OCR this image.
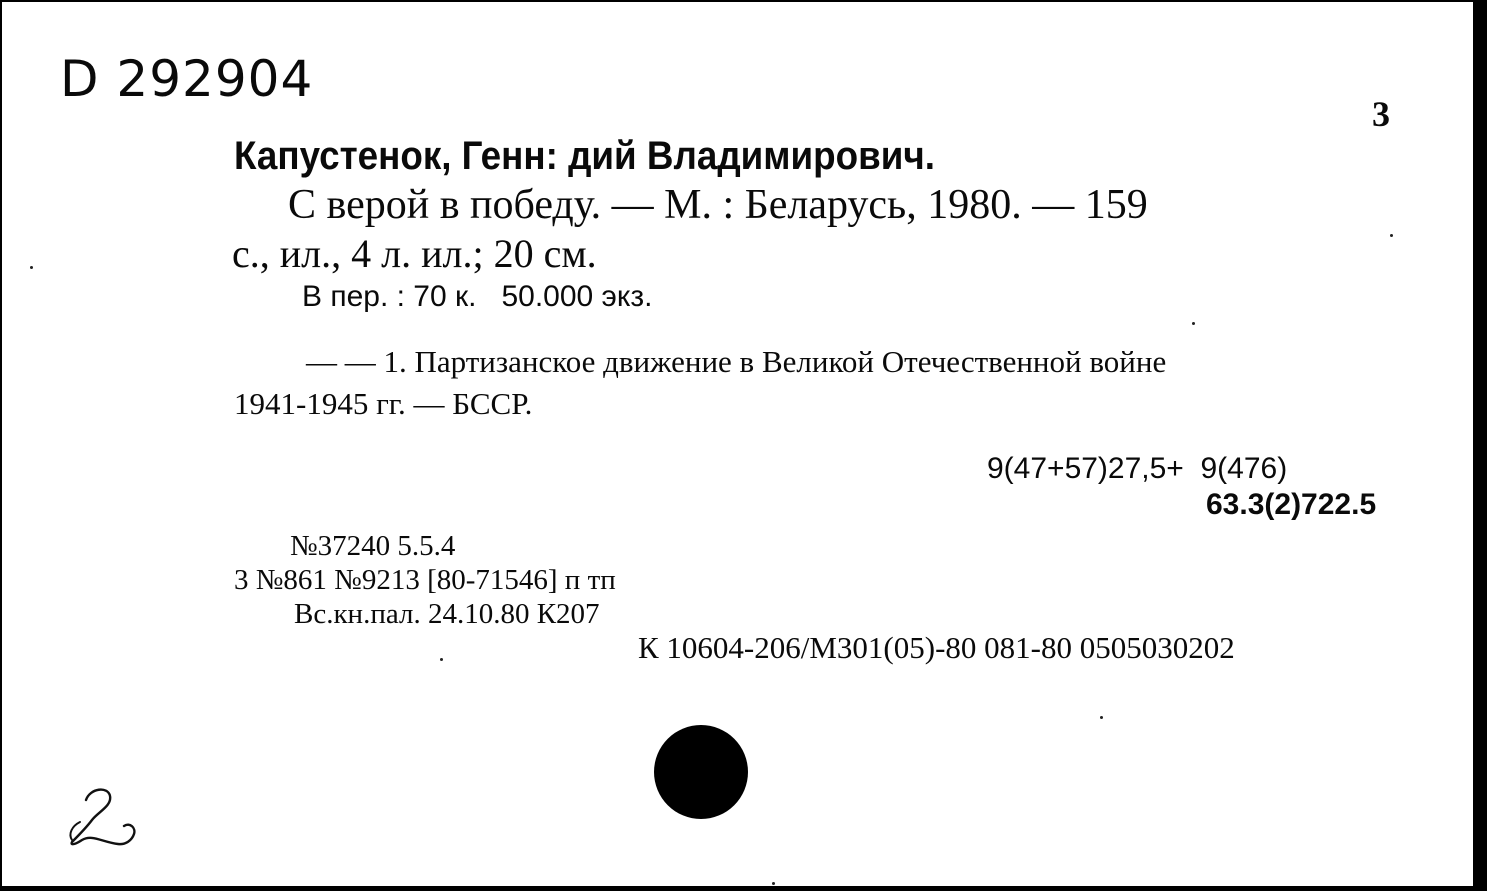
D 292904
3
Капустенок, Генн: дий Владимирович.
С верой в победу. — М. : Беларусь, 1980. — 159
с., ил., 4 л. ил.; 20 см.
В пер. : 70 к.   50.000 экз.
— — 1. Партизанское движение в Великой Отечественной войне
1941-1945 гг. — БССР.
9(47+57)27,5+  9(476)
63.3(2)722.5
№37240 5.5.4
3 №861 №9213 [80-71546] п тп
Вс.кн.пал. 24.10.80 К207
К 10604-206/М301(05)-80 081-80 0505030202
